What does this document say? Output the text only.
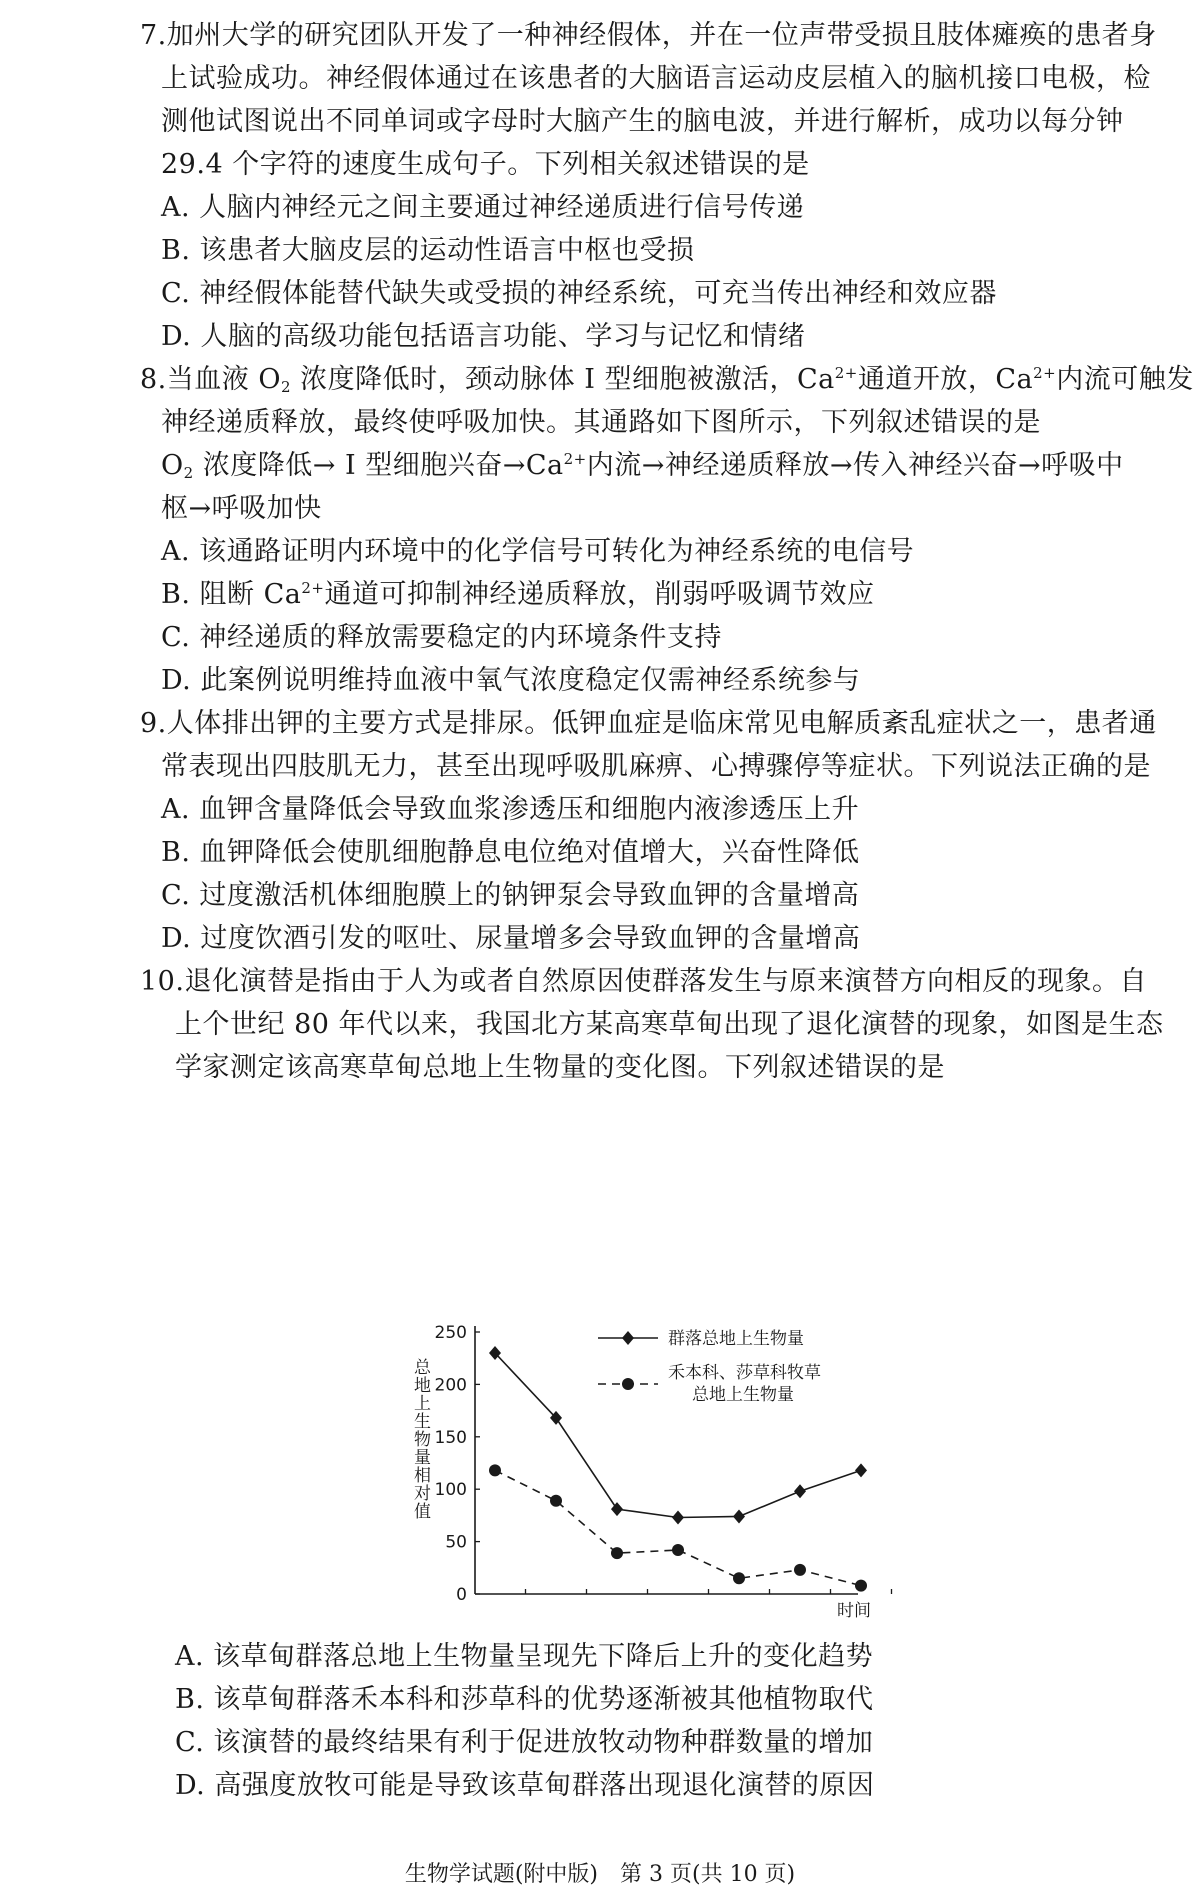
7.加州大学的研究团队开发了一种神经假体，并在一位声带受损且肢体瘫痪的患者身
上试验成功。神经假体通过在该患者的大脑语言运动皮层植入的脑机接口电极，检
测他试图说出不同单词或字母时大脑产生的脑电波，并进行解析，成功以每分钟
29.4 个字符的速度生成句子。下列相关叙述错误的是
A. 人脑内神经元之间主要通过神经递质进行信号传递
B. 该患者大脑皮层的运动性语言中枢也受损
C. 神经假体能替代缺失或受损的神经系统，可充当传出神经和效应器
D. 人脑的高级功能包括语言功能、学习与记忆和情绪
8.当血液 $O_2$ 浓度降低时，颈动脉体 Ⅰ 型细胞被激活，$Ca^{2+}$通道开放，$Ca^{2+}$内流可触发
神经递质释放，最终使呼吸加快。其通路如下图所示，下列叙述错误的是
$O_2$ 浓度降低→ Ⅰ 型细胞兴奋$\to Ca^{2+}$内流→神经递质释放→传入神经兴奋→呼吸中
枢→呼吸加快
A. 该通路证明内环境中的化学信号可转化为神经系统的电信号
B. 阻断 $Ca^{2+}$通道可抑制神经递质释放，削弱呼吸调节效应
C. 神经递质的释放需要稳定的内环境条件支持
D. 此案例说明维持血液中氧气浓度稳定仅需神经系统参与
9.人体排出钾的主要方式是排尿。低钾血症是临床常见电解质紊乱症状之一，患者通
常表现出四肢肌无力，甚至出现呼吸肌麻痹、心搏骤停等症状。下列说法正确的是
A. 血钾含量降低会导致血浆渗透压和细胞内液渗透压上升
B. 血钾降低会使肌细胞静息电位绝对值增大，兴奋性降低
C. 过度激活机体细胞膜上的钠钾泵会导致血钾的含量增高
D. 过度饮酒引发的呕吐、尿量增多会导致血钾的含量增高
10.退化演替是指由于人为或者自然原因使群落发生与原来演替方向相反的现象。自
上个世纪 80 年代以来，我国北方某高寒草甸出现了退化演替的现象，如图是生态
学家测定该高寒草甸总地上生物量的变化图。下列叙述错误的是
0
50
100
150
200
250
时间
总地上生物量相对值
群落总地上生物量
禾本科、莎草科牧草
总地上生物量
A. 该草甸群落总地上生物量呈现先下降后上升的变化趋势
B. 该草甸群落禾本科和莎草科的优势逐渐被其他植物取代
C. 该演替的最终结果有利于促进放牧动物种群数量的增加
D. 高强度放牧可能是导致该草甸群落出现退化演替的原因
生物学试题(附中版)　第 3 页(共 10 页)
